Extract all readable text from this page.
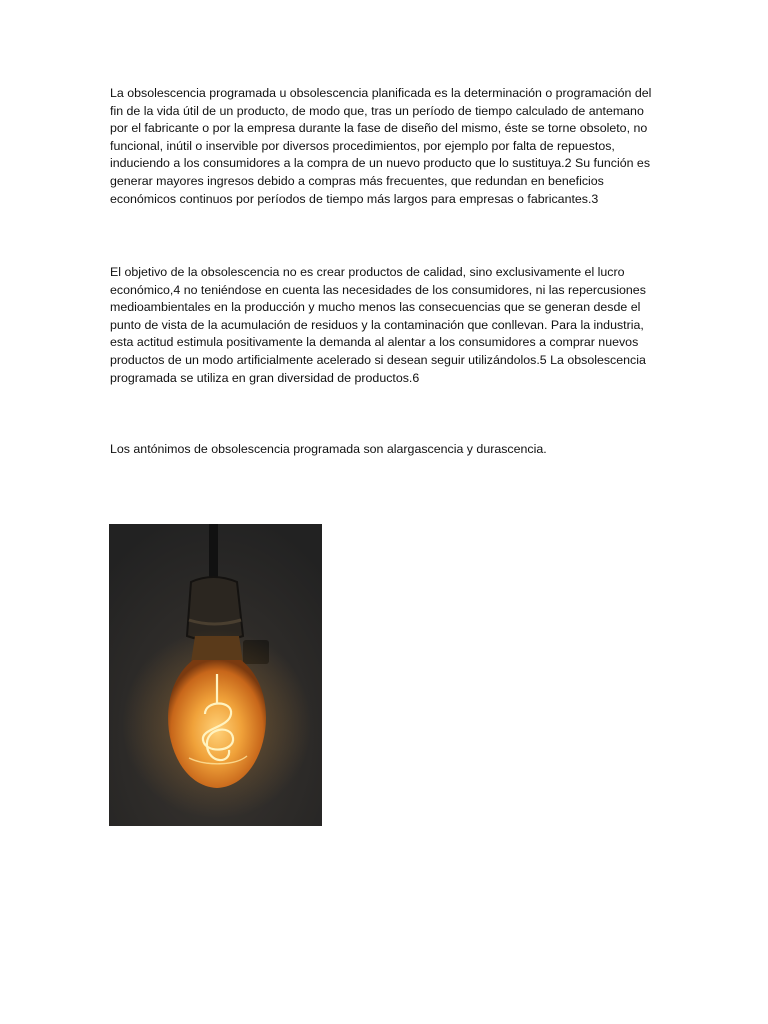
La obsolescencia programada u obsolescencia planificada es la determinación o programación del fin de la vida útil de un producto, de modo que, tras un período de tiempo calculado de antemano por el fabricante o por la empresa durante la fase de diseño del mismo, éste se torne obsoleto, no funcional, inútil o inservible por diversos procedimientos, por ejemplo por falta de repuestos, induciendo a los consumidores a la compra de un nuevo producto que lo sustituya.2 Su función es generar mayores ingresos debido a compras más frecuentes, que redundan en beneficios económicos continuos por períodos de tiempo más largos para empresas o fabricantes.3

El objetivo de la obsolescencia no es crear productos de calidad, sino exclusivamente el lucro económico,4 no teniéndose en cuenta las necesidades de los consumidores, ni las repercusiones medioambientales en la producción y mucho menos las consecuencias que se generan desde el punto de vista de la acumulación de residuos y la contaminación que conllevan. Para la industria, esta actitud estimula positivamente la demanda al alentar a los consumidores a comprar nuevos productos de un modo artificialmente acelerado si desean seguir utilizándolos.5 La obsolescencia programada se utiliza en gran diversidad de productos.6

Los antónimos de obsolescencia programada son alargascencia y durascencia.
